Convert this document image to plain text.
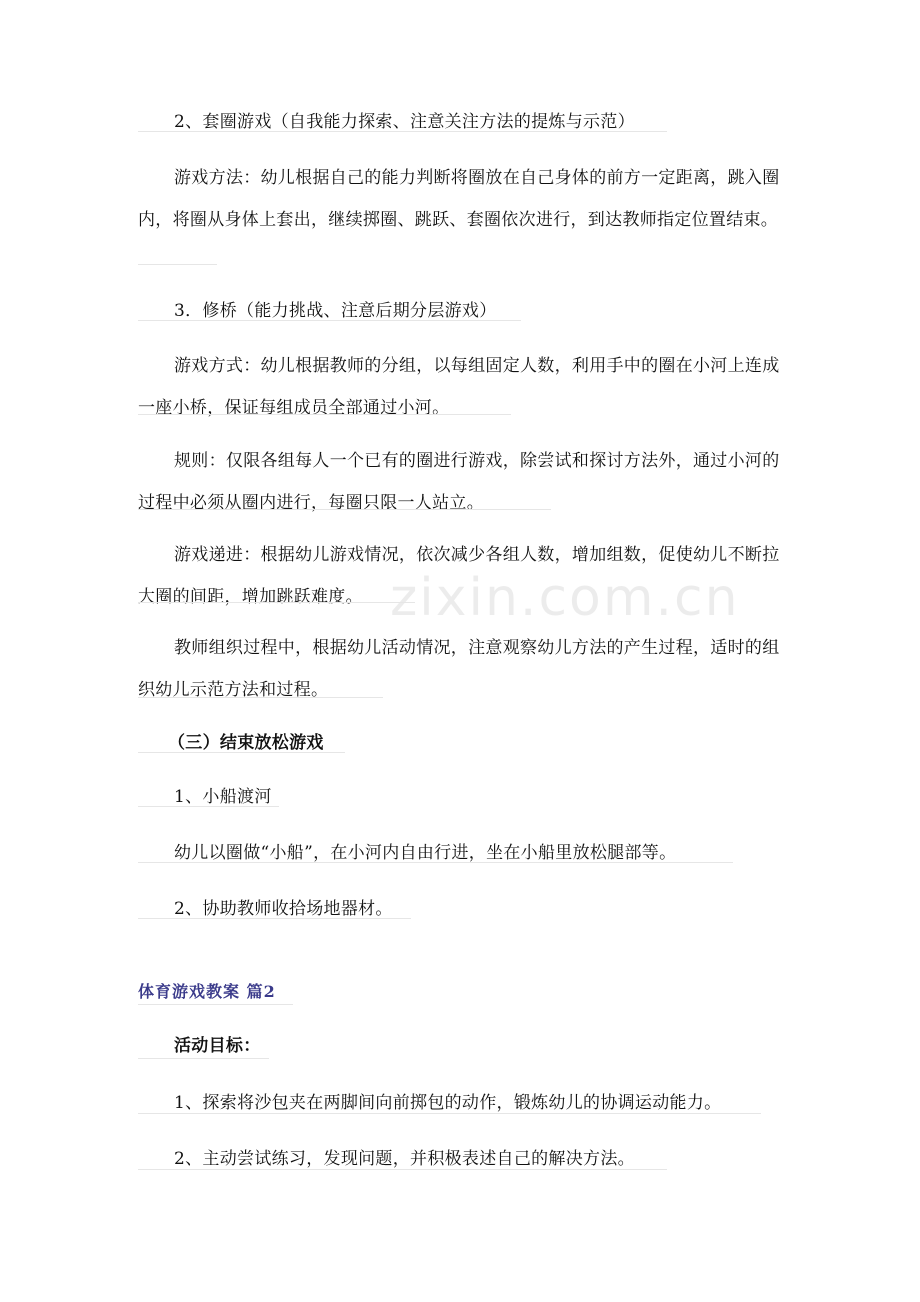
zixin.com.cn

2、套圈游戏（自我能力探索、注意关注方法的提炼与示范）

游戏方法：幼儿根据自己的能力判断将圈放在自己身体的前方一定距离，跳入圈内，将圈从身体上套出，继续掷圈、跳跃、套圈依次进行，到达教师指定位置结束。

3．修桥（能力挑战、注意后期分层游戏）

游戏方式：幼儿根据教师的分组，以每组固定人数，利用手中的圈在小河上连成一座小桥，保证每组成员全部通过小河。

规则：仅限各组每人一个已有的圈进行游戏，除尝试和探讨方法外，通过小河的过程中必须从圈内进行，每圈只限一人站立。

游戏递进：根据幼儿游戏情况，依次减少各组人数，增加组数，促使幼儿不断拉大圈的间距，增加跳跃难度。

教师组织过程中，根据幼儿活动情况，注意观察幼儿方法的产生过程，适时的组织幼儿示范方法和过程。

（三）结束放松游戏

1、小船渡河

幼儿以圈做“小船”，在小河内自由行进，坐在小船里放松腿部等。

2、协助教师收拾场地器材。

体育游戏教案 篇2

活动目标：

1、探索将沙包夹在两脚间向前掷包的动作，锻炼幼儿的协调运动能力。

2、主动尝试练习，发现问题，并积极表述自己的解决方法。
